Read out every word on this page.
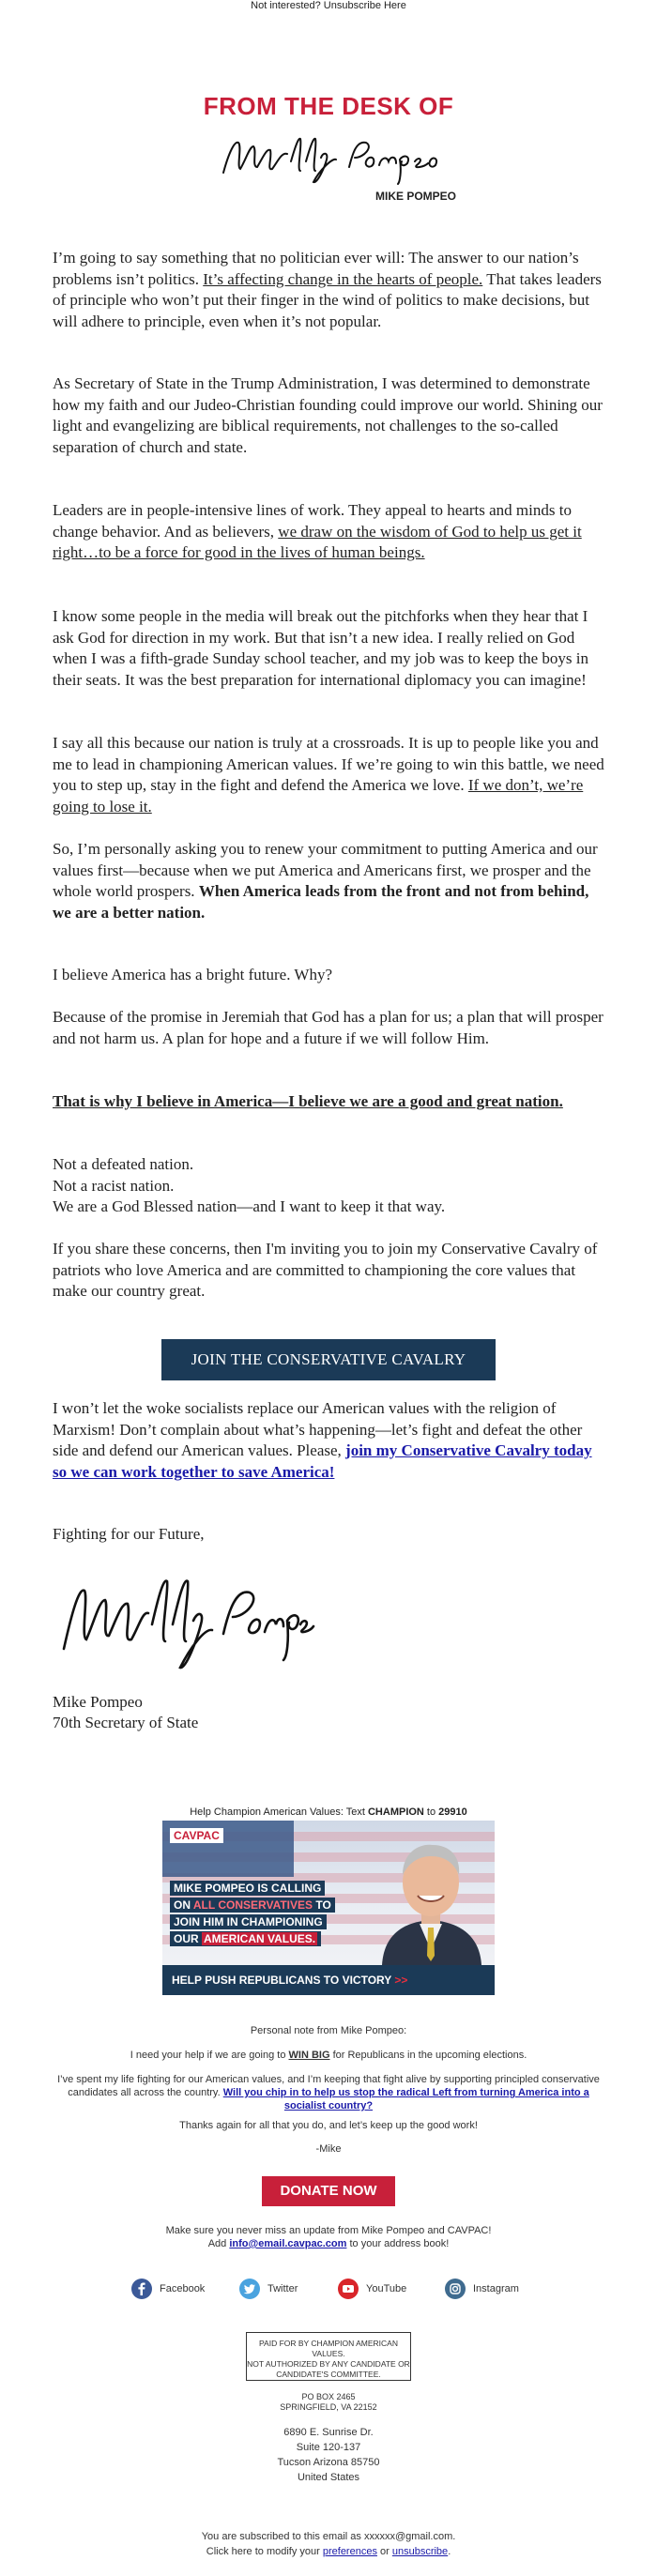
Not interested? Unsubscribe Here
FROM THE DESK OF
MIKE POMPEO

I’m going to say something that no politician ever will: The answer to our nation’s problems isn’t politics. It’s affecting change in the hearts of people. That takes leaders of principle who won’t put their finger in the wind of politics to make decisions, but will adhere to principle, even when it’s not popular.

As Secretary of State in the Trump Administration, I was determined to demonstrate how my faith and our Judeo-Christian founding could improve our world. Shining our light and evangelizing are biblical requirements, not challenges to the so-called separation of church and state.

Leaders are in people-intensive lines of work. They appeal to hearts and minds to change behavior. And as believers, we draw on the wisdom of God to help us get it right…to be a force for good in the lives of human beings.

I know some people in the media will break out the pitchforks when they hear that I ask God for direction in my work. But that isn’t a new idea. I really relied on God when I was a fifth-grade Sunday school teacher, and my job was to keep the boys in their seats. It was the best preparation for international diplomacy you can imagine!

I say all this because our nation is truly at a crossroads. It is up to people like you and me to lead in championing American values. If we’re going to win this battle, we need you to step up, stay in the fight and defend the America we love. If we don’t, we’re going to lose it.

So, I’m personally asking you to renew your commitment to putting America and our values first—because when we put America and Americans first, we prosper and the whole world prospers. When America leads from the front and not from behind, we are a better nation.

I believe America has a bright future. Why?

Because of the promise in Jeremiah that God has a plan for us; a plan that will prosper and not harm us. A plan for hope and a future if we will follow Him.

That is why I believe in America—I believe we are a good and great nation.

Not a defeated nation.

Not a racist nation.

We are a God Blessed nation—and I want to keep it that way.

If you share these concerns, then I'm inviting you to join my Conservative Cavalry of patriots who love America and are committed to championing the core values that make our country great.

JOIN THE CONSERVATIVE CAVALRY

I won’t let the woke socialists replace our American values with the religion of Marxism! Don’t complain about what’s happening—let’s fight and defeat the other side and defend our American values. Please, join my Conservative Cavalry today so we can work together to save America!

Fighting for our Future,

Mike Pompeo
70th Secretary of State
Help Champion American Values: Text CHAMPION to 29910
CAVPAC
MIKE POMPEO IS CALLING
ON ALL CONSERVATIVES TO
JOIN HIM IN CHAMPIONING
OUR AMERICAN VALUES.
HELP PUSH REPUBLICANS TO VICTORY >>
Personal note from Mike Pompeo:
I need your help if we are going to WIN BIG for Republicans in the upcoming elections.
I’ve spent my life fighting for our American values, and I’m keeping that fight alive by supporting principled conservative candidates all across the country. Will you chip in to help us stop the radical Left from turning America into a socialist country?
Thanks again for all that you do, and let’s keep up the good work!
-Mike
DONATE NOW
Make sure you never miss an update from Mike Pompeo and CAVPAC!
Add info@email.cavpac.com to your address book!
Facebook	Twitter	YouTube	Instagram
PAID FOR BY CHAMPION AMERICAN VALUES.
NOT AUTHORIZED BY ANY CANDIDATE OR
CANDIDATE'S COMMITTEE.
PO BOX 2465
SPRINGFIELD, VA 22152
6890 E. Sunrise Dr.
Suite 120-137
Tucson Arizona 85750
United States
You are subscribed to this email as xxxxxx@gmail.com.
Click here to modify your preferences or unsubscribe.
